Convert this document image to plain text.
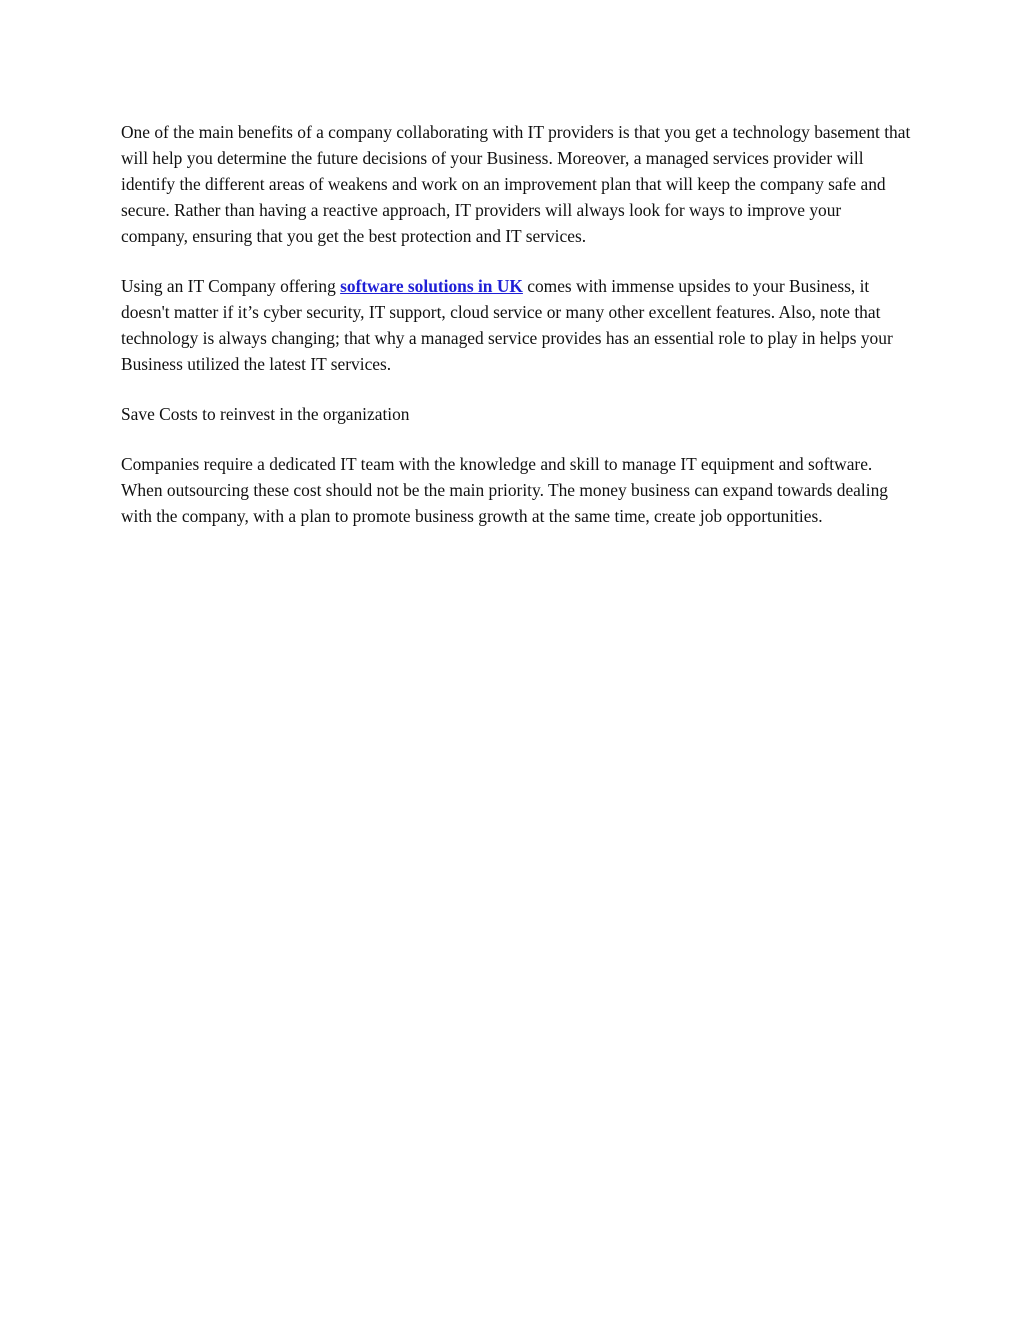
One of the main benefits of a company collaborating with IT providers is that you get a technology basement that will help you determine the future decisions of your Business. Moreover, a managed services provider will identify the different areas of weakens and work on an improvement plan that will keep the company safe and secure. Rather than having a reactive approach, IT providers will always look for ways to improve your company, ensuring that you get the best protection and IT services.

Using an IT Company offering software solutions in UK comes with immense upsides to your Business, it doesn't matter if it’s cyber security, IT support, cloud service or many other excellent features. Also, note that technology is always changing; that why a managed service provides has an essential role to play in helps your Business utilized the latest IT services.

Save Costs to reinvest in the organization

Companies require a dedicated IT team with the knowledge and skill to manage IT equipment and software. When outsourcing these cost should not be the main priority. The money business can expand towards dealing with the company, with a plan to promote business growth at the same time, create job opportunities.
